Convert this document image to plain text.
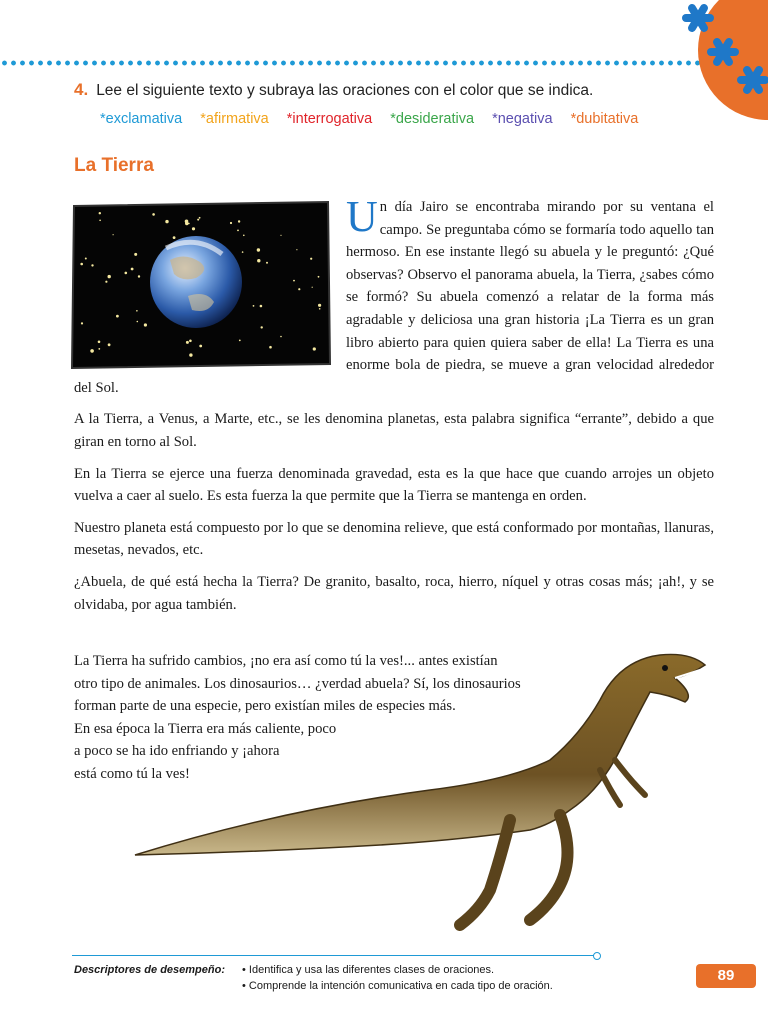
4. Lee el siguiente texto y subraya las oraciones con el color que se indica.
*exclamativa *afirmativa *interrogativa *desiderativa *negativa *dubitativa
La Tierra
Un día Jairo se encontraba mirando por su ventana el campo. Se preguntaba cómo se formaría todo aquello tan hermoso. En ese instante llegó su abuela y le preguntó: ¿Qué observas? Observo el panorama abuela, la Tierra, ¿sabes cómo se formó? Su abuela comenzó a relatar de la forma más agradable y deliciosa una gran historia ¡La Tierra es un gran libro abierto para quien quiera saber de ella! La Tierra es una enorme bola de piedra, se mueve a gran velocidad alrededor del Sol.

A la Tierra, a Venus, a Marte, etc., se les denomina planetas, esta palabra significa “errante”, debido a que giran en torno al Sol.

En la Tierra se ejerce una fuerza denominada gravedad, esta es la que hace que cuando arrojes un objeto vuelva a caer al suelo. Es esta fuerza la que permite que la Tierra se mantenga en orden.

Nuestro planeta está compuesto por lo que se denomina relieve, que está conformado por montañas, llanuras, mesetas, nevados, etc.

¿Abuela, de qué está hecha la Tierra? De granito, basalto, roca, hierro, níquel y otras cosas más; ¡ah!, y se olvidaba, por agua también.

La Tierra ha sufrido cambios, ¡no era así como tú la ves!... antes existían
otro tipo de animales. Los dinosaurios… ¿verdad abuela? Sí, los dinosaurios
forman parte de una especie, pero existían miles de especies más.
En esa época la Tierra era más caliente, poco
a poco se ha ido enfriando y ¡ahora
está como tú la ves!
Descriptores de desempeño: • Identifica y usa las diferentes clases de oraciones.
• Comprende la intención comunicativa en cada tipo de oración.
89
